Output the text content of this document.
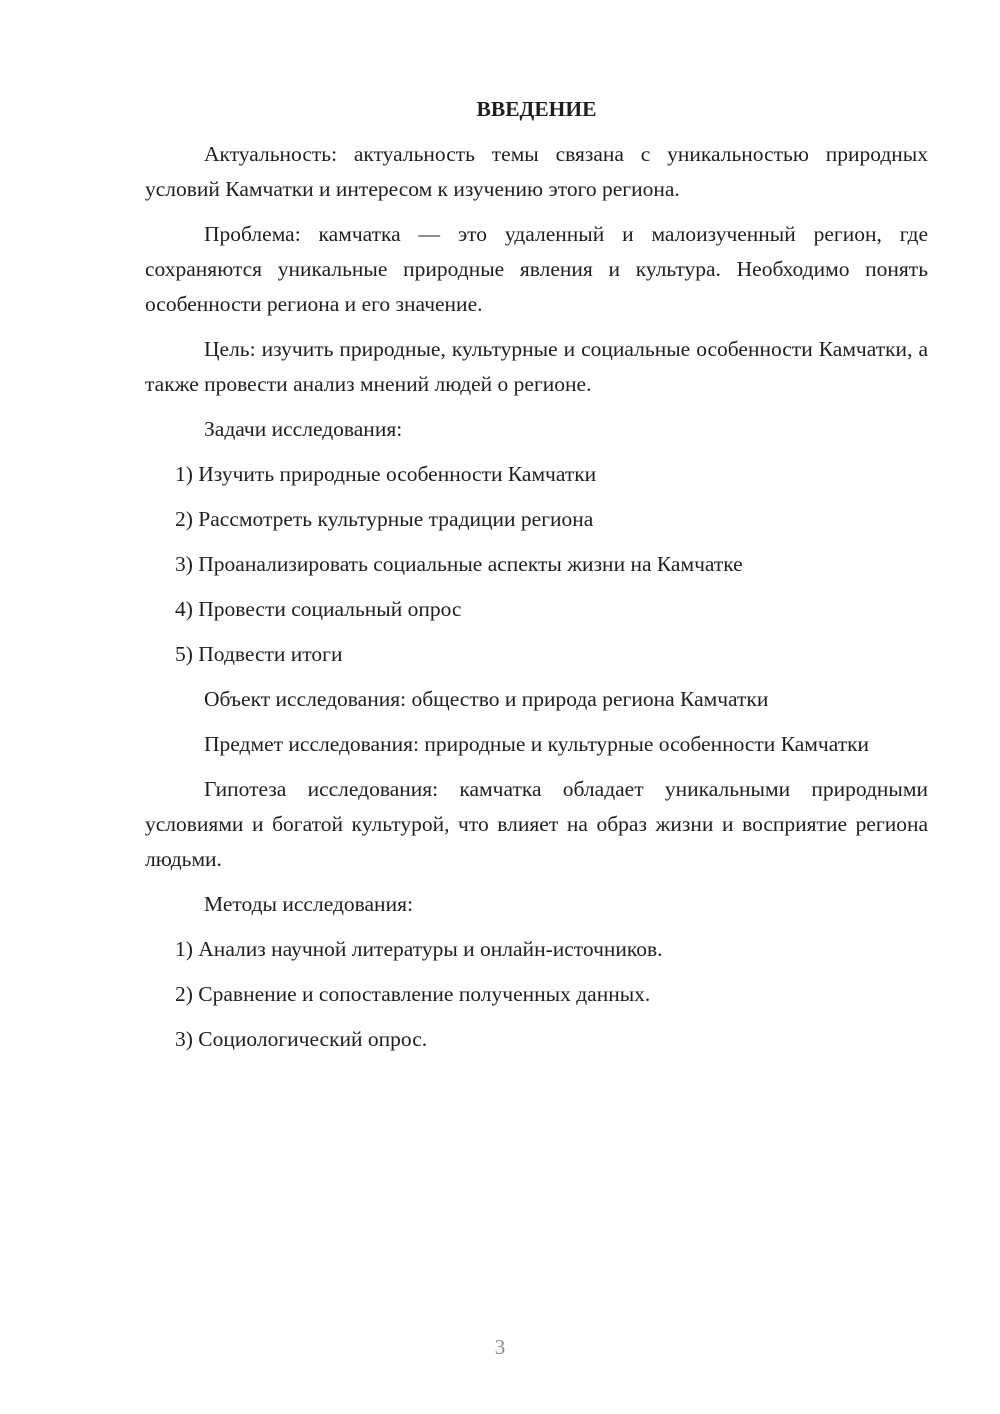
ВВЕДЕНИЕ

Актуальность: актуальность темы связана с уникальностью природных условий Камчатки и интересом к изучению этого региона.

Проблема: камчатка — это удаленный и малоизученный регион, где сохраняются уникальные природные явления и культура. Необходимо понять особенности региона и его значение.

Цель: изучить природные, культурные и социальные особенности Камчатки, а также провести анализ мнений людей о регионе.

Задачи исследования:

1) Изучить природные особенности Камчатки
2) Рассмотреть культурные традиции региона
3) Проанализировать социальные аспекты жизни на Камчатке
4) Провести социальный опрос
5) Подвести итоги

Объект исследования: общество и природа региона Камчатки

Предмет исследования: природные и культурные особенности Камчатки

Гипотеза исследования: камчатка обладает уникальными природными условиями и богатой культурой, что влияет на образ жизни и восприятие региона людьми.

Методы исследования:

1) Анализ научной литературы и онлайн-источников.
2) Сравнение и сопоставление полученных данных.
3) Социологический опрос.
3
